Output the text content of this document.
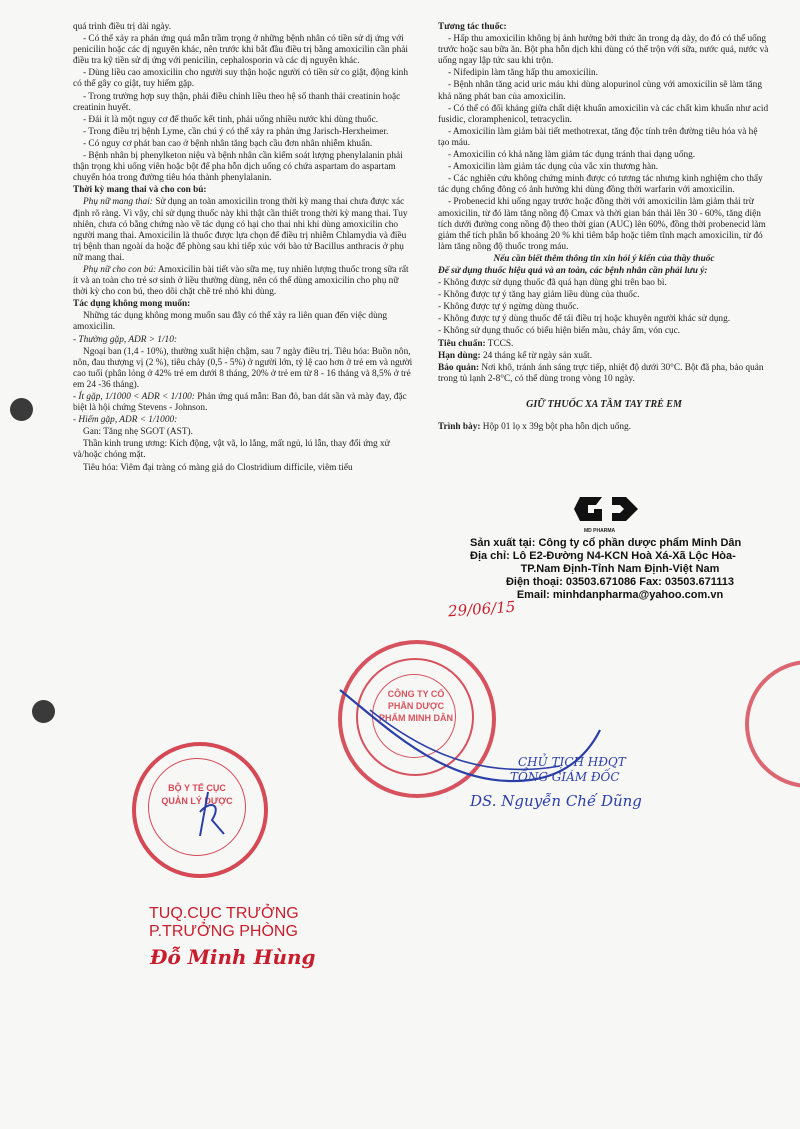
quá trình điều trị dài ngày.

- Có thể xảy ra phản ứng quá mẫn trầm trọng ở những bệnh nhân có tiền sử dị ứng với penicilin hoặc các dị nguyên khác, nên trước khi bắt đầu điều trị bằng amoxicilin cần phải điều tra kỹ tiền sử dị ứng với penicilin, cephalosporin và các dị nguyên khác.

- Dùng liều cao amoxicilin cho người suy thận hoặc người có tiền sử co giật, động kinh có thể gây co giật, tuy hiếm gặp.

- Trong trường hợp suy thận, phải điều chỉnh liều theo hệ số thanh thải creatinin hoặc creatinin huyết.

- Đái ít là một nguy cơ để thuốc kết tinh, phải uống nhiều nước khi dùng thuốc.

- Trong điều trị bệnh Lyme, cần chú ý có thể xảy ra phản ứng Jarisch-Herxheimer.

- Có nguy cơ phát ban cao ở bệnh nhân tăng bạch cầu đơn nhân nhiễm khuẩn.

- Bệnh nhân bị phenylketon niệu và bệnh nhân cần kiểm soát lượng phenylalanin phải thận trọng khi uống viên hoặc bột để pha hỗn dịch uống có chứa aspartam do aspartam chuyển hóa trong đường tiêu hóa thành phenylalanin.

Thời kỳ mang thai và cho con bú:

Phụ nữ mang thai: Sử dụng an toàn amoxicilin trong thời kỳ mang thai chưa được xác định rõ ràng. Vì vậy, chỉ sử dụng thuốc này khi thật cần thiết trong thời kỳ mang thai. Tuy nhiên, chưa có bằng chứng nào về tác dụng có hại cho thai nhi khi dùng amoxicilin cho người mang thai. Amoxicilin là thuốc được lựa chọn để điều trị nhiễm Chlamydia và điều trị bệnh than ngoài da hoặc để phòng sau khi tiếp xúc với bào tử Bacillus anthracis ở phụ nữ mang thai.

Phụ nữ cho con bú: Amoxicilin bài tiết vào sữa mẹ, tuy nhiên lượng thuốc trong sữa rất ít và an toàn cho trẻ sơ sinh ở liều thường dùng, nên có thể dùng amoxicilin cho phụ nữ thời kỳ cho con bú, theo dõi chặt chẽ trẻ nhỏ khi dùng.

Tác dụng không mong muốn:

Những tác dụng không mong muốn sau đây có thể xảy ra liên quan đến việc dùng amoxicilin.

- Thường gặp, ADR > 1/10:

Ngoại ban (1,4 - 10%), thường xuất hiện chậm, sau 7 ngày điều trị. Tiêu hóa: Buồn nôn, nôn, đau thượng vị (2 %), tiêu chảy (0,5 - 5%) ở người lớn, tỷ lệ cao hơn ở trẻ em và người cao tuổi (phân lỏng ở 42% trẻ em dưới 8 tháng, 20% ở trẻ em từ 8 - 16 tháng và 8,5% ở trẻ em 24 -36 tháng).

- Ít gặp, 1/1000 < ADR < 1/100: Phản ứng quá mẫn: Ban đỏ, ban dát sần và mày đay, đặc biệt là hội chứng Stevens - Johnson.

- Hiếm gặp, ADR < 1/1000:

Gan: Tăng nhẹ SGOT (AST).

Thần kinh trung ương: Kích động, vật vã, lo lắng, mất ngủ, lú lẫn, thay đổi ứng xử và/hoặc chóng mặt.

Tiêu hóa: Viêm đại tràng có màng giả do Clostridium difficile, viêm tiểu

Tương tác thuốc:

- Hấp thu amoxicilin không bị ảnh hưởng bởi thức ăn trong dạ dày, do đó có thể uống trước hoặc sau bữa ăn. Bột pha hỗn dịch khi dùng có thể trộn với sữa, nước quả, nước và uống ngay lập tức sau khi trộn.

- Nifedipin làm tăng hấp thu amoxicilin.

- Bệnh nhân tăng acid uric máu khi dùng alopurinol cùng với amoxicilin sẽ làm tăng khả năng phát ban của amoxicilin.

- Có thể có đối kháng giữa chất diệt khuẩn amoxicilin và các chất kìm khuẩn như acid fusidic, cloramphenicol, tetracyclin.

- Amoxicilin làm giảm bài tiết methotrexat, tăng độc tính trên đường tiêu hóa và hệ tạo máu.

- Amoxicilin có khả năng làm giảm tác dụng tránh thai dạng uống.

- Amoxicilin làm giảm tác dụng của vắc xin thương hàn.

- Các nghiên cứu không chứng minh được có tương tác nhưng kinh nghiệm cho thấy tác dụng chống đông có ảnh hưởng khi dùng đồng thời warfarin với amoxicilin.

- Probenecid khi uống ngay trước hoặc đồng thời với amoxicilin làm giảm thải trừ amoxicilin, từ đó làm tăng nồng độ Cmax và thời gian bán thải lên 30 - 60%, tăng diện tích dưới đường cong nồng độ theo thời gian (AUC) lên 60%, đồng thời probenecid làm giảm thể tích phân bố khoảng 20 % khi tiêm bắp hoặc tiêm tĩnh mạch amoxicilin, từ đó làm tăng nồng độ thuốc trong máu.

Nếu cần biết thêm thông tin xin hỏi ý kiến của thầy thuốc

Để sử dụng thuốc hiệu quả và an toàn, các bệnh nhân cần phải lưu ý:

- Không được sử dụng thuốc đã quá hạn dùng ghi trên bao bì.

- Không được tự ý tăng hay giảm liều dùng của thuốc.

- Không được tự ý ngừng dùng thuốc.

- Không được tự ý dùng thuốc để tái điều trị hoặc khuyên người khác sử dụng.

- Không sử dụng thuốc có biểu hiện biến màu, chảy ẩm, vón cục.

Tiêu chuẩn: TCCS.

Hạn dùng: 24 tháng kể từ ngày sản xuất.

Bảo quản: Nơi khô, tránh ánh sáng trực tiếp, nhiệt độ dưới 30°C. Bột đã pha, bảo quản trong tủ lạnh 2-8°C, có thể dùng trong vòng 10 ngày.

GIỮ THUỐC XA TẦM TAY TRẺ EM

Trình bày: Hộp 01 lọ x 39g bột pha hỗn dịch uống.

MD PHARMA
Sản xuất tại: Công ty cổ phần dược phẩm Minh Dân
Địa chỉ: Lô E2-Đường N4-KCN Hoà Xá-Xã Lộc Hòa-
TP.Nam Định-Tỉnh Nam Định-Việt Nam
Điện thoại: 03503.671086 Fax: 03503.671113
Email: minhdanpharma@yahoo.com.vn
29/06/15
CÔNG TY CỔ PHẦN DƯỢC PHẨM MINH DÂN
CHỦ TỊCH HĐQT
TỔNG GIÁM ĐỐC
DS. Nguyễn Chế Dũng
BỘ Y TẾ CỤC QUẢN LÝ DƯỢC
TUQ.CỤC TRƯỞNG
P.TRƯỞNG PHÒNG
Đỗ Minh Hùng
